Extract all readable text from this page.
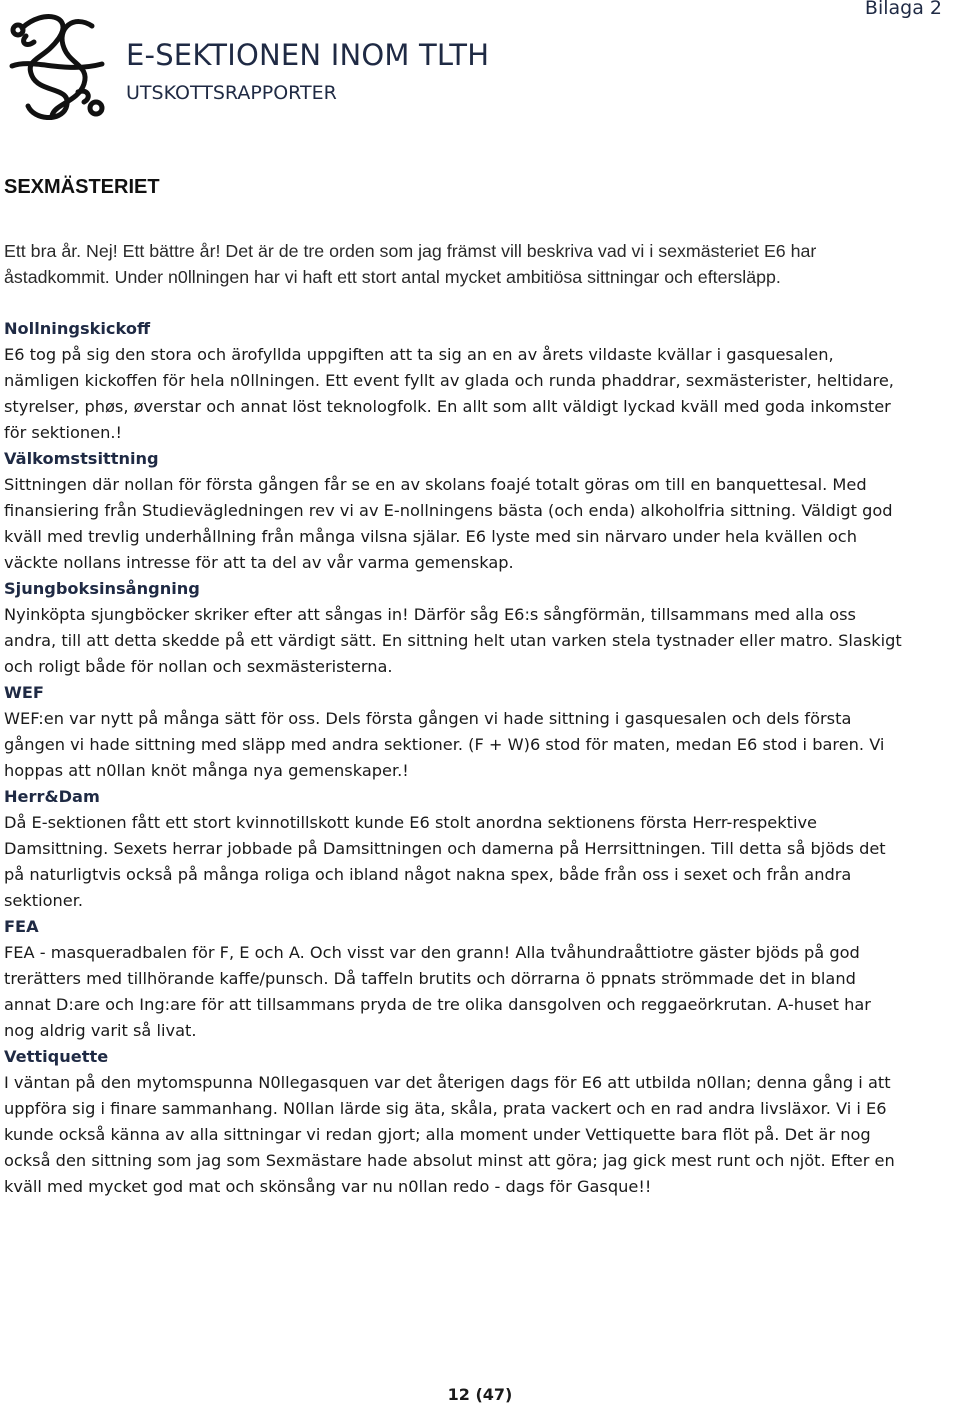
Bilaga 2
E-SEKTIONEN INOM TLTH
UTSKOTTSRAPPORTER
SEXMÄSTERIET

Ett bra år. Nej! Ett bättre år! Det är de tre orden som jag främst vill beskriva vad vi i sexmästeriet E6 har åstadkommit. Under n0llningen har vi haft ett stort antal mycket ambitiösa sittningar och eftersläpp.

Nollningskickoff

E6 tog på sig den stora och ärofyllda uppgiften att ta sig an en av årets vildaste kvällar i gasquesalen, nämligen kickoffen för hela n0llningen. Ett event fyllt av glada och runda phaddrar, sexmästerister, heltidare, styrelser, phøs, øverstar och annat löst teknologfolk. En allt som allt väldigt lyckad kväll med goda inkomster för sektionen.!

Välkomstsittning

Sittningen där nollan för första gången får se en av skolans foajé totalt göras om till en banquettesal. Med finansiering från Studievägledningen rev vi av E-nollningens bästa (och enda) alkoholfria sittning. Väldigt god kväll med trevlig underhållning från många vilsna själar. E6 lyste med sin närvaro under hela kvällen och väckte nollans intresse för att ta del av vår varma gemenskap.

Sjungboksinsångning

Nyinköpta sjungböcker skriker efter att sångas in! Därför såg E6:s sångförmän, tillsammans med alla oss andra, till att detta skedde på ett värdigt sätt. En sittning helt utan varken stela tystnader eller matro. Slaskigt och roligt både för nollan och sexmästeristerna.

WEF

WEF:en var nytt på många sätt för oss. Dels första gången vi hade sittning i gasquesalen och dels första gången vi hade sittning med släpp med andra sektioner. (F + W)6 stod för maten, medan E6 stod i baren. Vi hoppas att n0llan knöt många nya gemenskaper.!

Herr&Dam

Då E-sektionen fått ett stort kvinnotillskott kunde E6 stolt anordna sektionens första Herr-respektive Damsittning. Sexets herrar jobbade på Damsittningen och damerna på Herrsittningen. Till detta så bjöds det på naturligtvis också på många roliga och ibland något nakna spex, både från oss i sexet och från andra sektioner.

FEA

FEA - masqueradbalen för F, E och A. Och visst var den grann! Alla tvåhundraåttiotre gäster bjöds på god trerätters med tillhörande kaffe/punsch. Då taffeln brutits och dörrarna ö ppnats strömmade det in bland annat D:are och Ing:are för att tillsammans pryda de tre olika dansgolven och reggaeörkrutan. A-huset har nog aldrig varit så livat.

Vettiquette

I väntan på den mytomspunna N0llegasquen var det återigen dags för E6 att utbilda n0llan; denna gång i att uppföra sig i finare sammanhang. N0llan lärde sig äta, skåla, prata vackert och en rad andra livsläxor. Vi i E6 kunde också känna av alla sittningar vi redan gjort; alla moment under Vettiquette bara flöt på. Det är nog också den sittning som jag som Sexmästare hade absolut minst att göra; jag gick mest runt och njöt. Efter en kväll med mycket god mat och skönsång var nu n0llan redo - dags för Gasque!!

12 (47)
